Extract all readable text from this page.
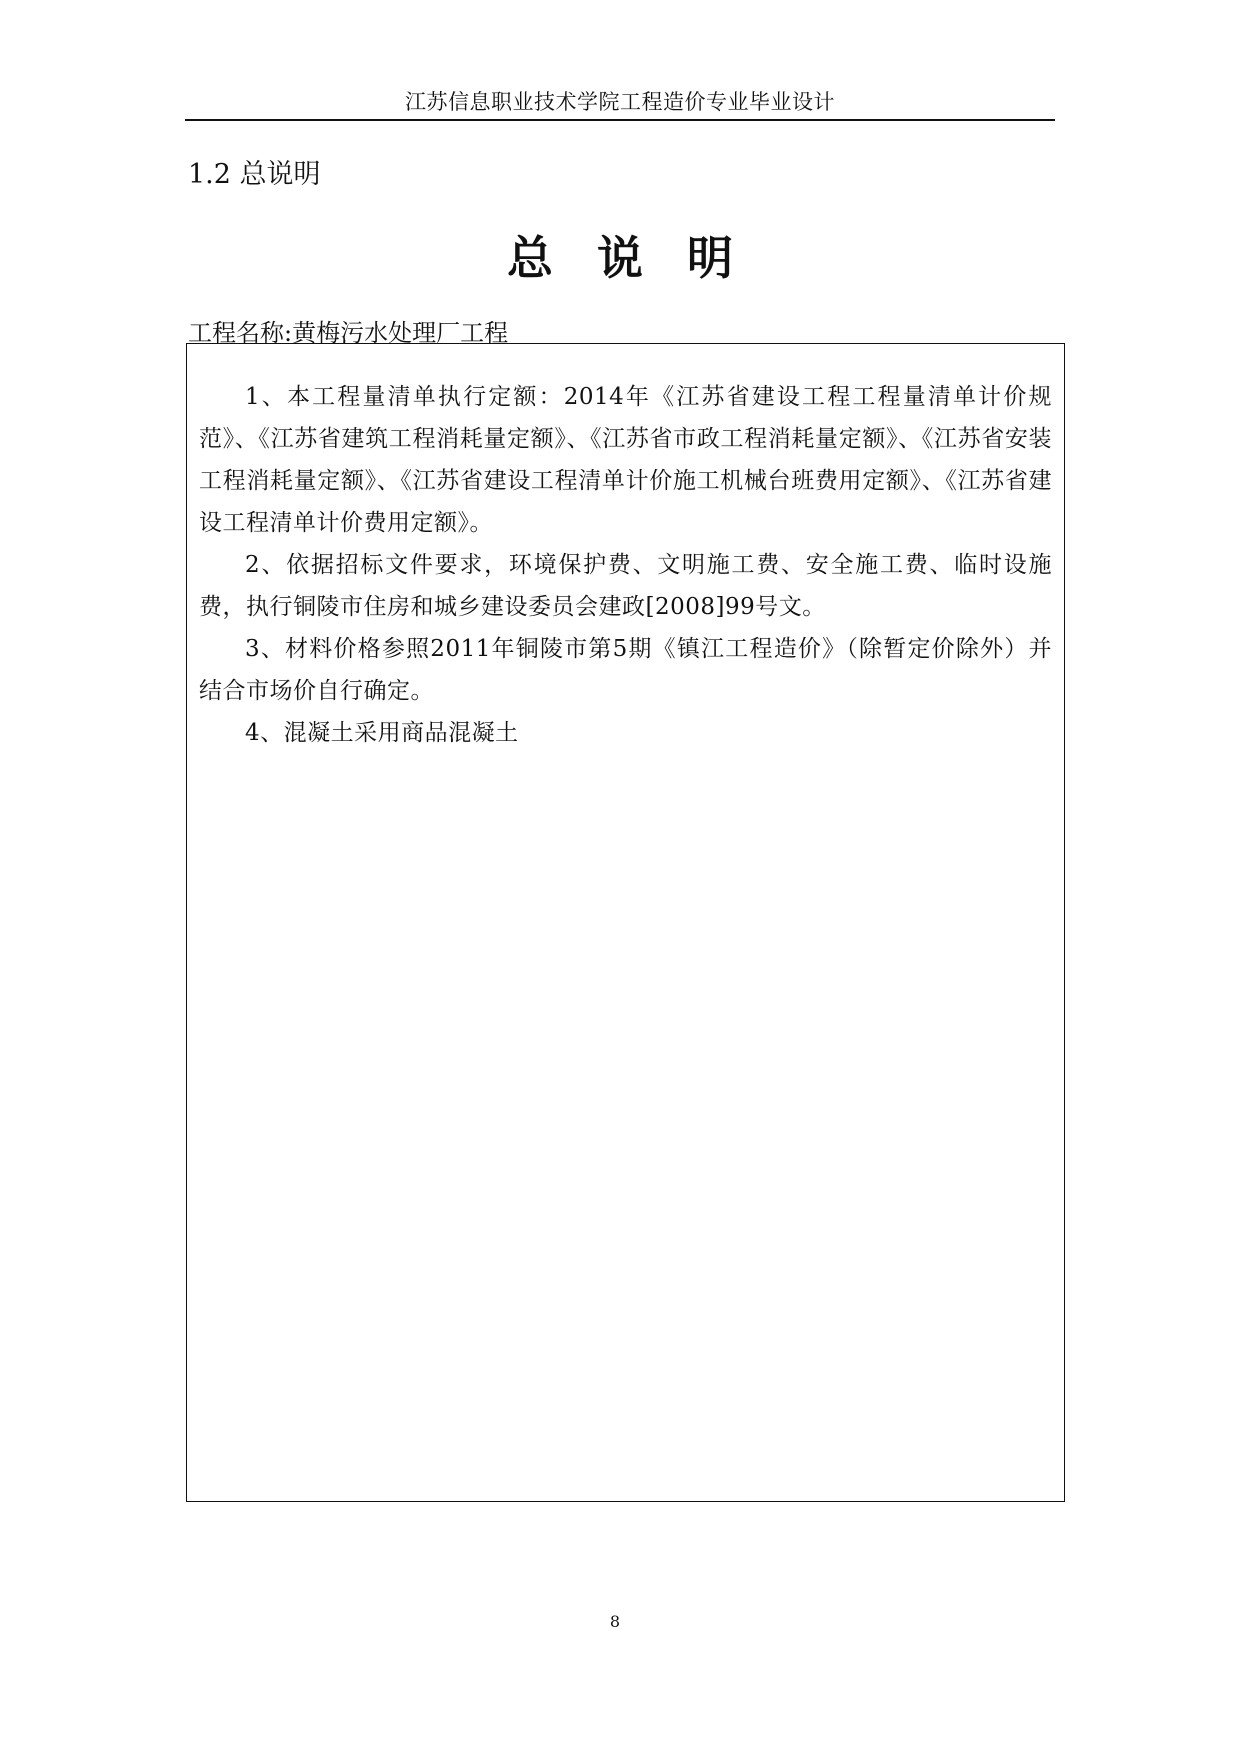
江苏信息职业技术学院工程造价专业毕业设计
1.2 总说明
总说明
工程名称:黄梅污水处理厂工程

1、本工程量清单执行定额：2014年《江苏省建设工程工程量清单计价规范》、《江苏省建筑工程消耗量定额》、《江苏省市政工程消耗量定额》、《江苏省安装工程消耗量定额》、《江苏省建设工程清单计价施工机械台班费用定额》、《江苏省建设工程清单计价费用定额》。

2、依据招标文件要求，环境保护费、文明施工费、安全施工费、临时设施费，执行铜陵市住房和城乡建设委员会建政[2008]99号文。

3、材料价格参照2011年铜陵市第5期《镇江工程造价》（除暂定价除外）并结合市场价自行确定。

4、混凝土采用商品混凝土

8
